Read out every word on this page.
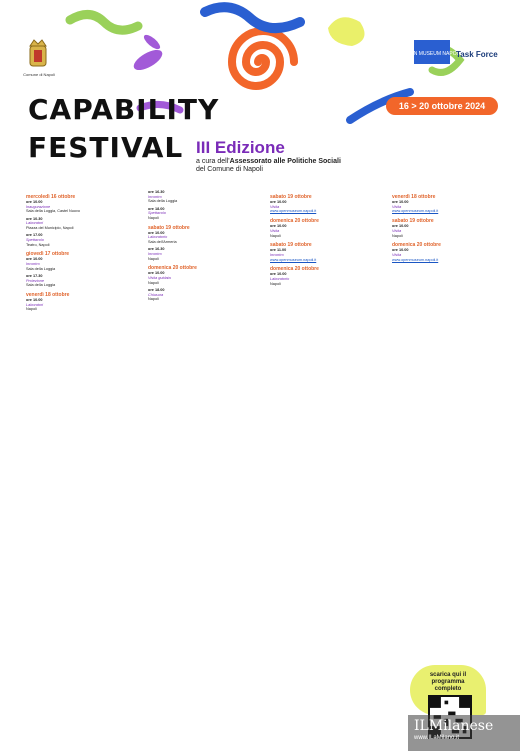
Comune di Napoli
OPEN MUSEUM NAPOLI
Task Force
CAPABILITY
FESTIVAL III Edizione
a cura dell'Assessorato alle Politiche Sociali
del Comune di Napoli
16 > 20 ottobre 2024
mercoledì 16 ottobre
ore 10.00
Inaugurazione
Sala della Loggia, Castel Nuovo
ore 10.30
Laboratori
Piazza del Municipio, Napoli
ore 17.00
Spettacolo
Teatro, Napoli
giovedì 17 ottobre
ore 10.00
Incontro
Sala della Loggia
ore 17.30
Proiezione
Sala della Loggia
venerdì 18 ottobre
ore 10.00
Laboratori
Napoli
ore 16.30
Incontro
Sala della Loggia
ore 18.00
Spettacolo
Napoli
sabato 19 ottobre
ore 10.00
Laboratorio
Sala dell'Armeria
ore 16.30
Incontro
Napoli
domenica 20 ottobre
ore 10.00
Visita guidata
Napoli
ore 18.00
Chiusura
Napoli
sabato 19 ottobre
ore 10.00
Visita
www.openmuseum.napoli.it
domenica 20 ottobre
ore 10.00
Visita
Napoli
sabato 19 ottobre
ore 11.00
Incontro
www.openmuseum.napoli.it
domenica 20 ottobre
ore 10.00
Laboratorio
Napoli
venerdì 18 ottobre
ore 10.00
Visita
www.openmuseum.napoli.it
sabato 19 ottobre
ore 10.00
Visita
Napoli
domenica 20 ottobre
ore 10.00
Visita
www.openmuseum.napoli.it
scarica qui il programma completo
ILMilanese
www.ILaMilano.it
